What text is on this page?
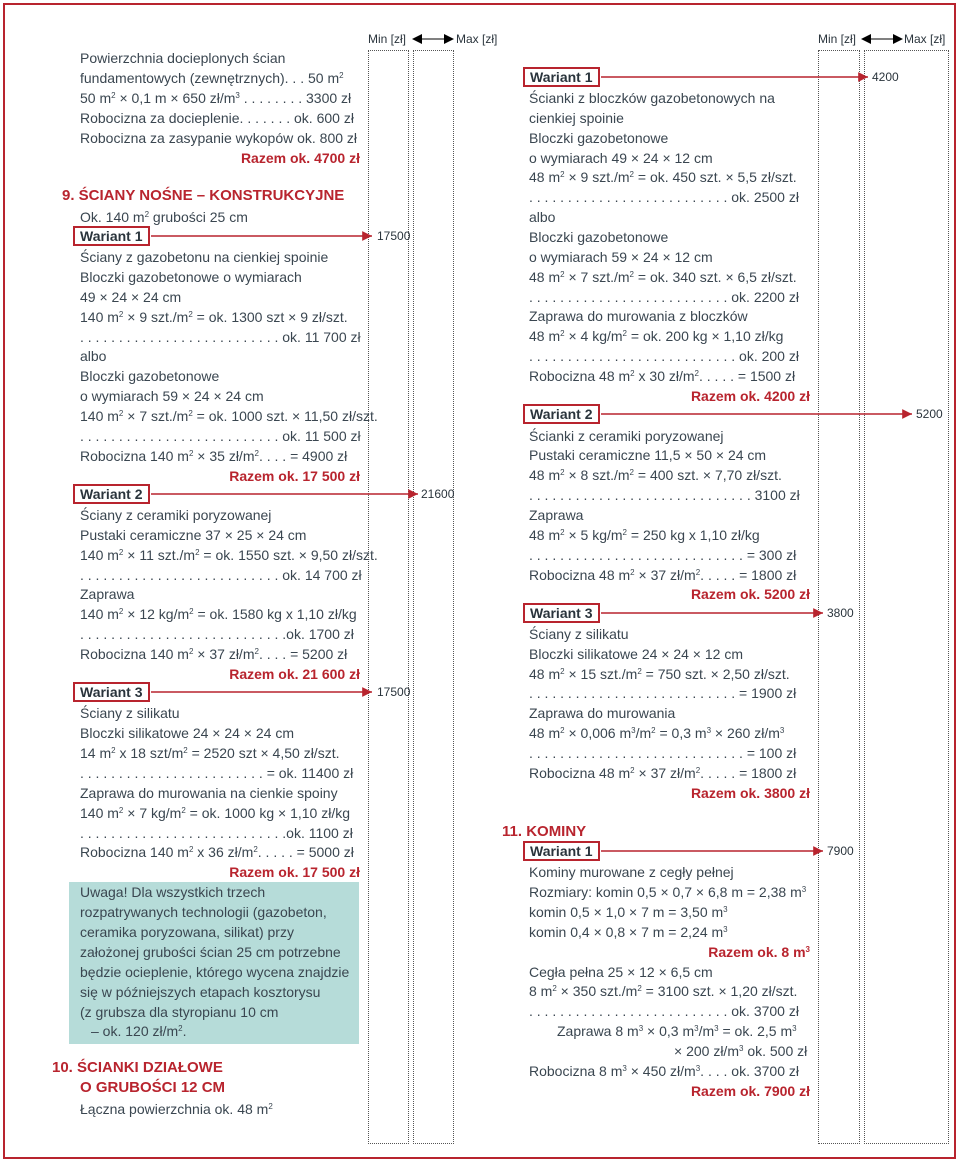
Min [zł]	Max [zł]	Min [zł]	Max [zł]
17500
21600
17500
4200
5200
3800
7900
Powierzchnia docieplonych ścian
fundamentowych (zewnętrznych). . . 50 $m^2$
50 $m^2 \times 0,1$ m × 650 $zł/m^3$ . . . . . . . . 3300 zł
Robocizna za docieplenie. . . . . . . ok. 600 zł
Robocizna za zasypanie wykopów ok. 800 zł
Razem ok. 4700 zł
9. ŚCIANY NOŚNE – KONSTRUKCYJNE
Ok. 140 $m^2$ grubości 25 cm
Wariant 1
Ściany z gazobetonu na cienkiej spoinie
Bloczki gazobetonowe o wymiarach
49 × 24 × 24 cm
140 $m^2 \times 9$ $szt./m^2$ = ok. 1300 szt × 9 zł/szt.
. . . . . . . . . . . . . . . . . . . . . . . . . . ok. 11 700 zł
albo
Bloczki gazobetonowe
o wymiarach 59 × 24 × 24 cm
140 $m^2 \times 7$ $szt./m^2$ = ok. 1000 szt. × 11,50 zł/szt.
. . . . . . . . . . . . . . . . . . . . . . . . . . ok. 11 500 zł
Robocizna 140 $m^2 \times 35$ $zł/m^2$. . . . = 4900 zł
Razem ok. 17 500 zł
Wariant 2
Ściany z ceramiki poryzowanej
Pustaki ceramiczne 37 × 25 × 24 cm
140 $m^2 \times 11$ $szt./m^2$ = ok. 1550 szt. × 9,50 zł/szt.
. . . . . . . . . . . . . . . . . . . . . . . . . . ok. 14 700 zł
Zaprawa
140 $m^2 \times 12$ $kg/m^2$ = ok. 1580 kg x 1,10 zł/kg
. . . . . . . . . . . . . . . . . . . . . . . . . . .ok. 1700 zł
Robocizna 140 $m^2 \times 37$ $zł/m^2$. . . . = 5200 zł
Razem ok. 21 600 zł
Wariant 3
Ściany z silikatu
Bloczki silikatowe 24 × 24 × 24 cm
14 $m^2$ x 18 szt/$m^2 = 2520$ szt × 4,50 zł/szt.
. . . . . . . . . . . . . . . . . . . . . . . . = ok. 11400 zł
Zaprawa do murowania na cienkie spoiny
140 $m^2 \times 7$ $kg/m^2$ = ok. 1000 kg × 1,10 zł/kg
. . . . . . . . . . . . . . . . . . . . . . . . . . .ok. 1100 zł
Robocizna 140 $m^2$ x 36 $zł/m^2$. . . . . = 5000 zł
Razem ok. 17 500 zł
Uwaga! Dla wszystkich trzech
rozpatrywanych technologii (gazobeton,
ceramika poryzowana, silikat) przy
założonej grubości ścian 25 cm potrzebne
będzie ocieplenie, którego wycena znajdzie
się w późniejszych etapach kosztorysu
(z grubsza dla styropianu 10 cm
– ok. 120 $zł/m^2$.
10. ŚCIANKI DZIAŁOWE
O GRUBOŚCI 12 CM
Łączna powierzchnia ok. 48 $m^2$
Wariant 1
Ścianki z bloczków gazobetonowych na
cienkiej spoinie
Bloczki gazobetonowe
o wymiarach 49 × 24 × 12 cm
48 $m^2 \times 9$ $szt./m^2$ = ok. 450 szt. × 5,5 zł/szt.
. . . . . . . . . . . . . . . . . . . . . . . . . . ok. 2500 zł
albo
Bloczki gazobetonowe
o wymiarach 59 × 24 × 12 cm
48 $m^2 \times 7$ $szt./m^2$ = ok. 340 szt. × 6,5 zł/szt.
. . . . . . . . . . . . . . . . . . . . . . . . . . ok. 2200 zł
Zaprawa do murowania z bloczków
48 $m^2 \times 4$ $kg/m^2$ = ok. 200 kg × 1,10 zł/kg
. . . . . . . . . . . . . . . . . . . . . . . . . . . ok. 200 zł
Robocizna 48 $m^2$ x 30 $zł/m^2$. . . . . = 1500 zł
Razem ok. 4200 zł
Wariant 2
Ścianki z ceramiki poryzowanej
Pustaki ceramiczne 11,5 × 50 × 24 cm
48 $m^2 \times 8$ $szt./m^2 = 400$ szt. × 7,70 zł/szt.
. . . . . . . . . . . . . . . . . . . . . . . . . . . . . 3100 zł
Zaprawa
48 $m^2 \times 5$ $kg/m^2 = 250$ kg x 1,10 zł/kg
. . . . . . . . . . . . . . . . . . . . . . . . . . . . = 300 zł
Robocizna 48 $m^2 \times 37$ $zł/m^2$. . . . . = 1800 zł
Razem ok. 5200 zł
Wariant 3
Ściany z silikatu
Bloczki silikatowe 24 × 24 × 12 cm
48 $m^2 \times 15$ $szt./m^2 = 750$ szt. × 2,50 zł/szt.
. . . . . . . . . . . . . . . . . . . . . . . . . . . = 1900 zł
Zaprawa do murowania
48 $m^2 \times 0,006$ $m^3/m^2 = 0,3$ $m^3 \times 260$ $zł/m^3$
. . . . . . . . . . . . . . . . . . . . . . . . . . . . = 100 zł
Robocizna 48 $m^2 \times 37$ $zł/m^2$. . . . . = 1800 zł
Razem ok. 3800 zł
11. KOMINY
Wariant 1
Kominy murowane z cegły pełnej
Rozmiary: komin 0,5 × 0,7 × 6,8 m = 2,38 $m^3$
komin 0,5 × 1,0 × 7 m = 3,50 $m^3$
komin 0,4 × 0,8 × 7 m = 2,24 $m^3$
Razem ok. 8 $m^3$
Cegła pełna 25 × 12 × 6,5 cm
8 $m^2 \times 350$ $szt./m^2 = 3100$ szt. × 1,20 zł/szt.
. . . . . . . . . . . . . . . . . . . . . . . . . . ok. 3700 zł
Zaprawa 8 $m^3 \times 0,3$ $m^3/m^3$ = ok. 2,5 $m^3$
× 200 $zł/m^3$ ok. 500 zł
Robocizna 8 $m^3 \times 450$ $zł/m^3$. . . . ok. 3700 zł
Razem ok. 7900 zł
